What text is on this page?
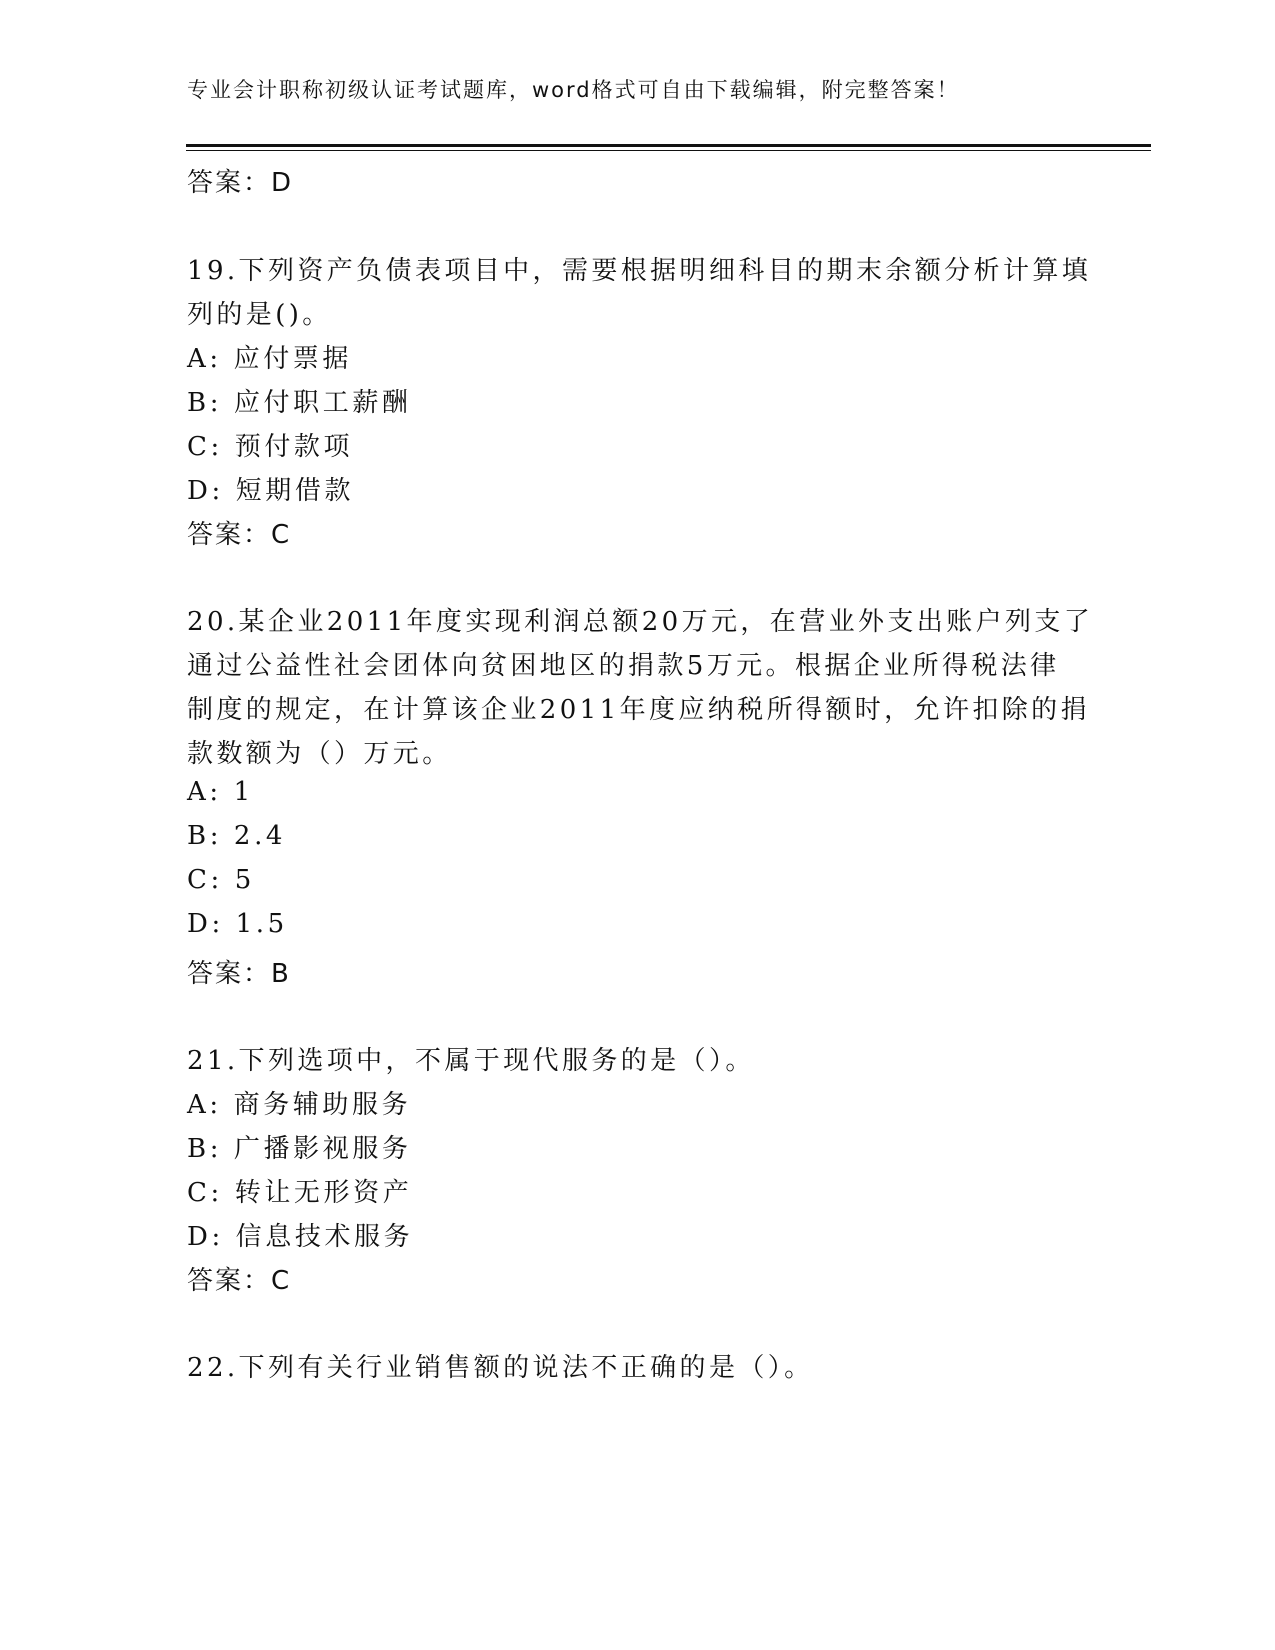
专业会计职称初级认证考试题库，word格式可自由下载编辑，附完整答案！
答案：D
19.下列资产负债表项目中，需要根据明细科目的期末余额分析计算填
列的是()。
A: 应付票据
B: 应付职工薪酬
C: 预付款项
D: 短期借款
答案：C
20.某企业2011年度实现利润总额20万元，在营业外支出账户列支了
通过公益性社会团体向贫困地区的捐款5万元。根据企业所得税法律
制度的规定，在计算该企业2011年度应纳税所得额时，允许扣除的捐
款数额为（）万元。
A: 1
B: 2.4
C: 5
D: 1.5
答案：B
21.下列选项中，不属于现代服务的是（）。
A: 商务辅助服务
B: 广播影视服务
C: 转让无形资产
D: 信息技术服务
答案：C
22.下列有关行业销售额的说法不正确的是（）。
